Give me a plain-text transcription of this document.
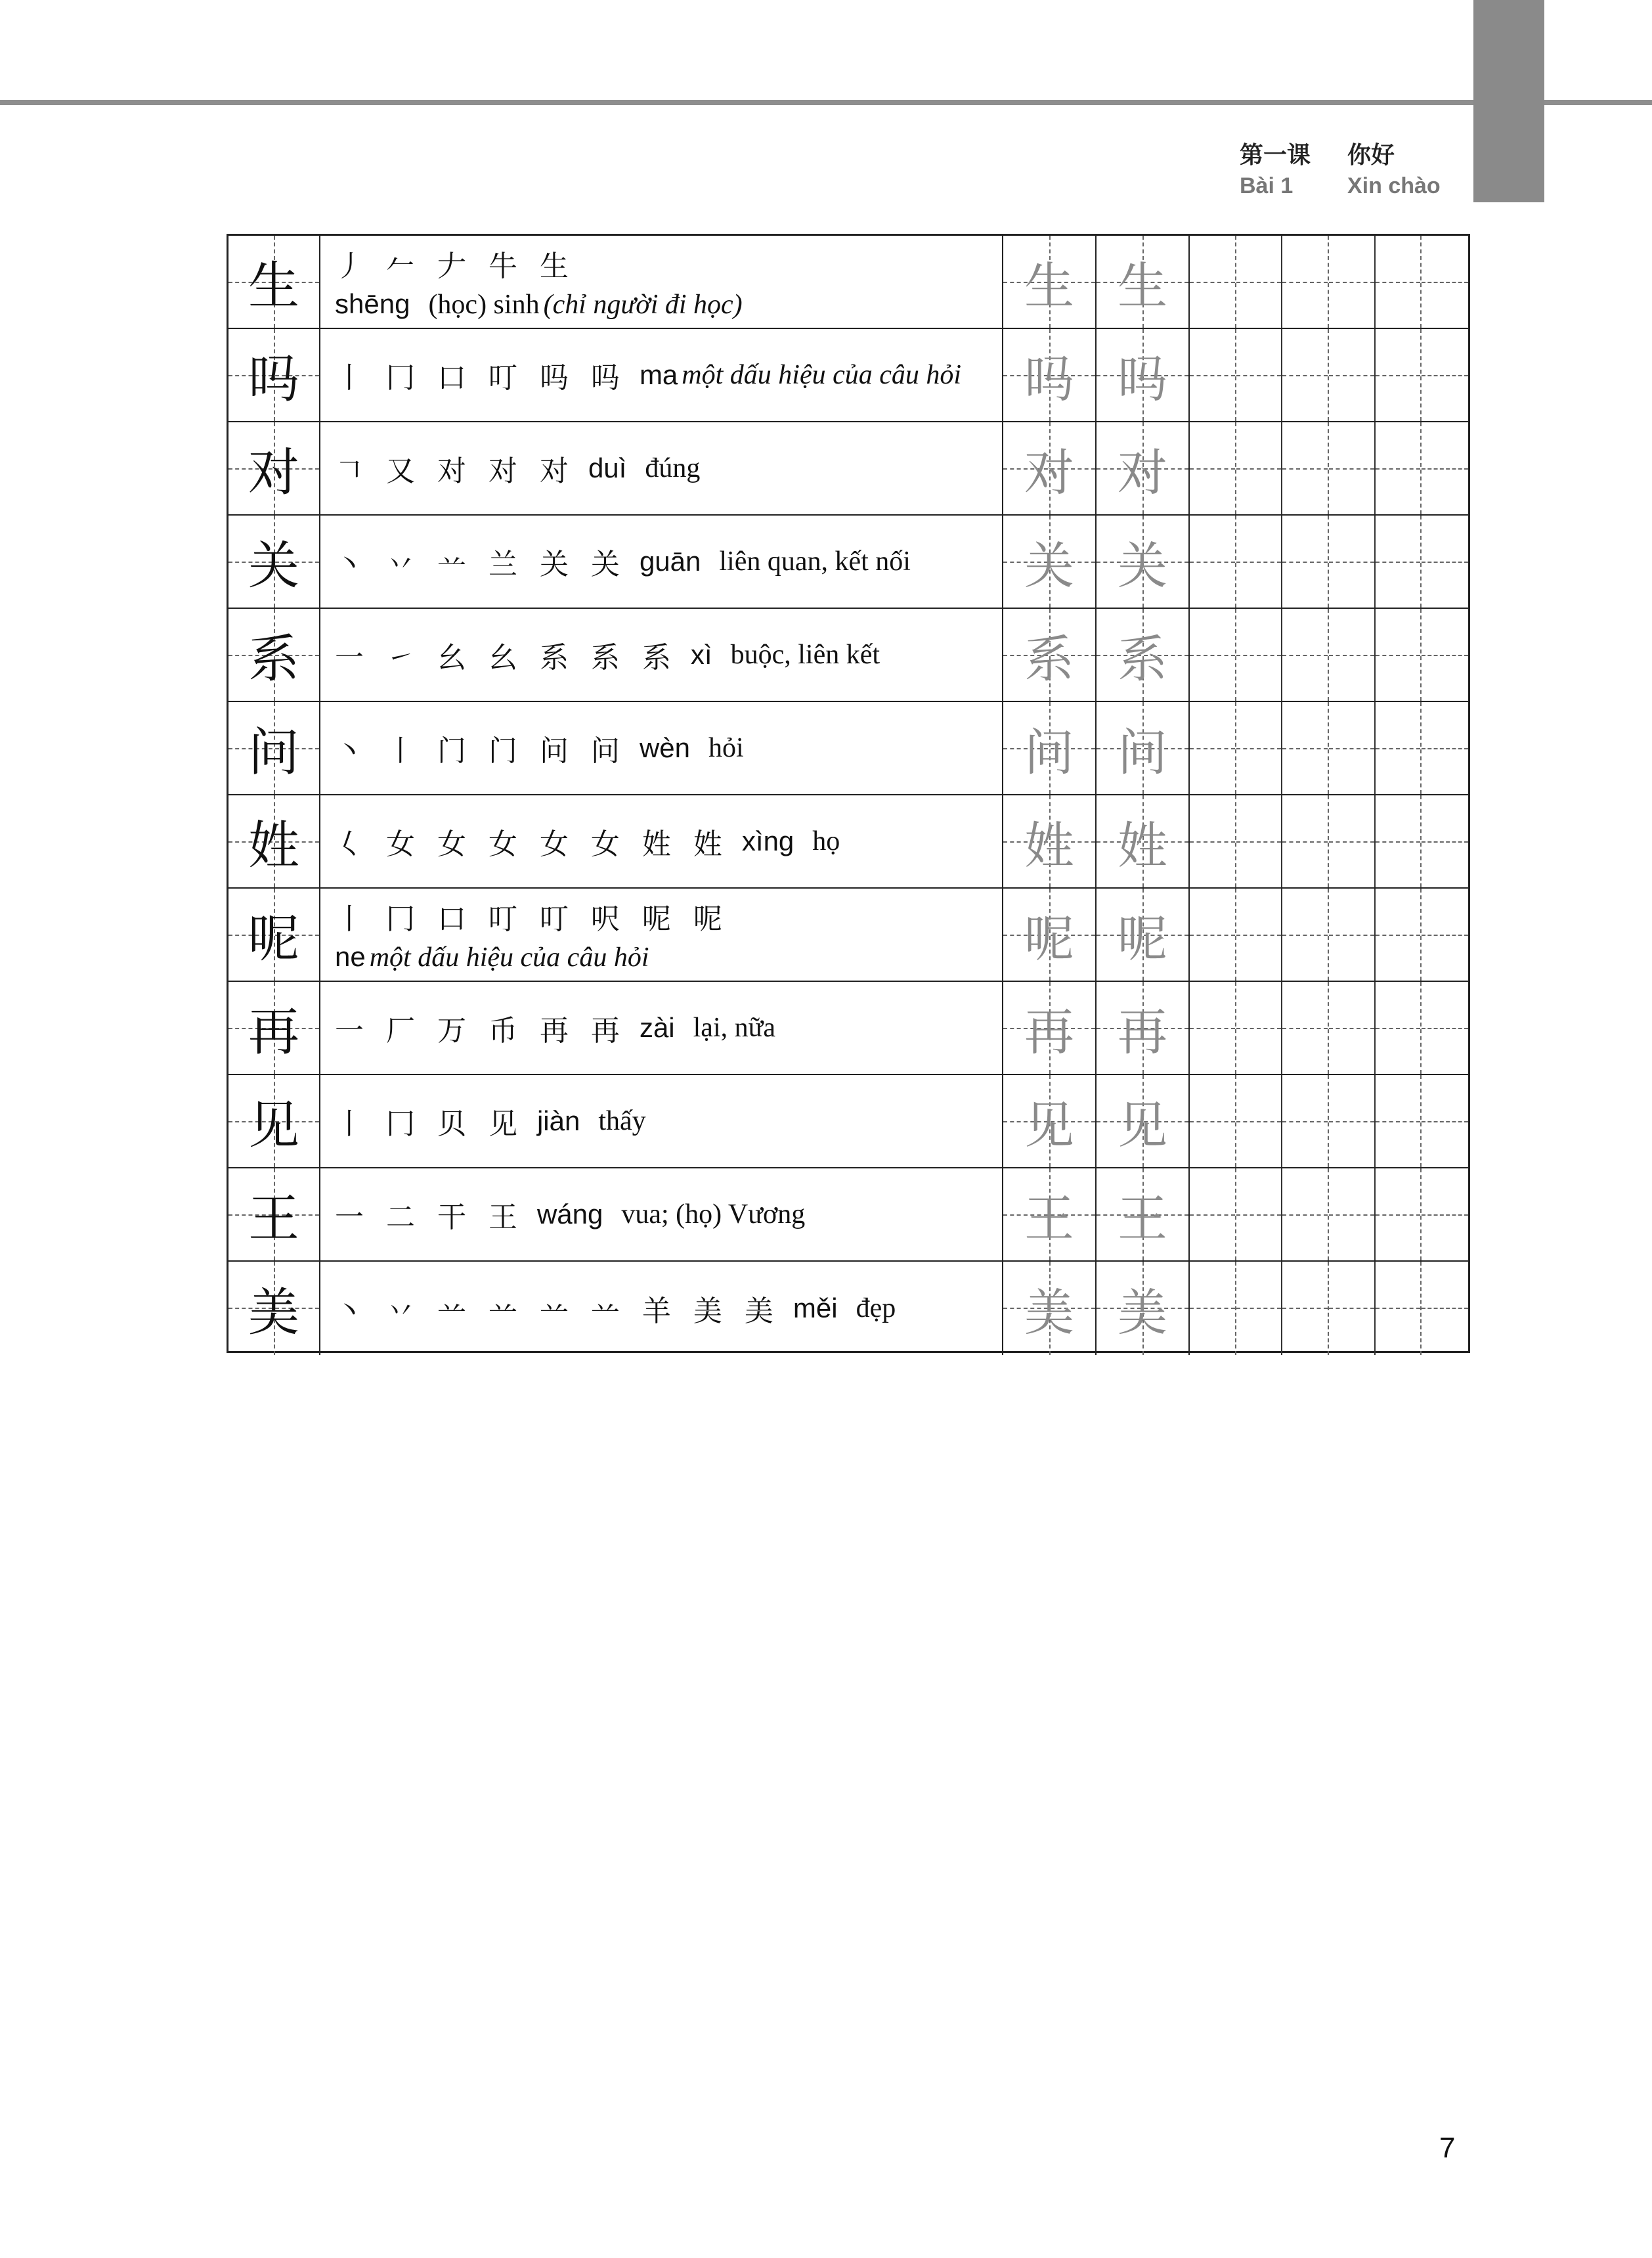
第一课 你好
Bài 1 Xin chào
生	丿 𠂉 𠂇 牛 生
shēng (học) sinh (chỉ người đi học)	生 生
吗	丨 冂 口 叮 吗 吗 ma một dấu hiệu của câu hỏi	吗 吗
对	𠃍 又 对 对 对 duì đúng	对 对
关	丶 丷 䒑 兰 关 关 guān liên quan, kết nối	关 关
系	一 ㇀ 幺 幺 系 系 系 xì buộc, liên kết	系 系
问	丶 丨 门 门 问 问 wèn hỏi	问 问
姓	𡿨 女 女 女 女 女 姓 姓 xìng họ	姓 姓
呢	丨 冂 口 叮 叮 呎 呢 呢
ne một dấu hiệu của câu hỏi	呢 呢
再	一 厂 万 币 再 再 zài lại, nữa	再 再
见	丨 冂 贝 见 jiàn thấy	见 见
王	一 二 干 王 wáng vua; (họ) Vương	王 王
美	丶 丷 䒑 䒑 䒑 䒑 羊 美 美 měi đẹp	美 美
7
